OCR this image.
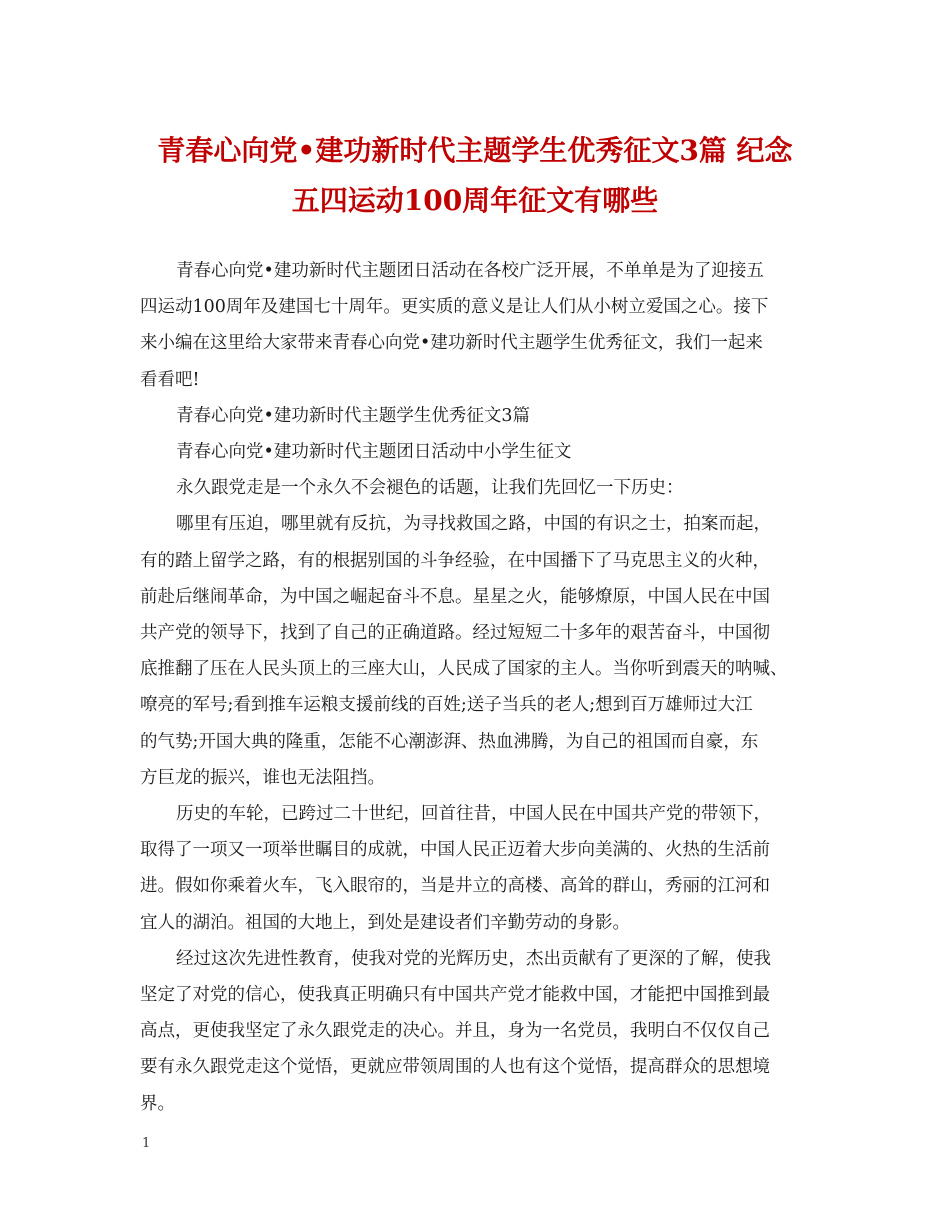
青春心向党•建功新时代主题学生优秀征文3篇 纪念
五四运动100周年征文有哪些

青春心向党•建功新时代主题团日活动在各校广泛开展，不单单是为了迎接五
四运动100周年及建国七十周年。更实质的意义是让人们从小树立爱国之心。接下
来小编在这里给大家带来青春心向党•建功新时代主题学生优秀征文，我们一起来
看看吧!

青春心向党•建功新时代主题学生优秀征文3篇

青春心向党•建功新时代主题团日活动中小学生征文

永久跟党走是一个永久不会褪色的话题，让我们先回忆一下历史：

哪里有压迫，哪里就有反抗，为寻找救国之路，中国的有识之士，拍案而起，
有的踏上留学之路，有的根据别国的斗争经验，在中国播下了马克思主义的火种，
前赴后继闹革命，为中国之崛起奋斗不息。星星之火，能够燎原，中国人民在中国
共产党的领导下，找到了自己的正确道路。经过短短二十多年的艰苦奋斗，中国彻
底推翻了压在人民头顶上的三座大山，人民成了国家的主人。当你听到震天的呐喊、
嘹亮的军号;看到推车运粮支援前线的百姓;送子当兵的老人;想到百万雄师过大江
的气势;开国大典的隆重，怎能不心潮澎湃、热血沸腾，为自己的祖国而自豪，东
方巨龙的振兴，谁也无法阻挡。

历史的车轮，已跨过二十世纪，回首往昔，中国人民在中国共产党的带领下，
取得了一项又一项举世瞩目的成就，中国人民正迈着大步向美满的、火热的生活前
进。假如你乘着火车，飞入眼帘的，当是井立的高楼、高耸的群山，秀丽的江河和
宜人的湖泊。祖国的大地上，到处是建设者们辛勤劳动的身影。

经过这次先进性教育，使我对党的光辉历史，杰出贡献有了更深的了解，使我
坚定了对党的信心，使我真正明确只有中国共产党才能救中国，才能把中国推到最
高点，更使我坚定了永久跟党走的决心。并且，身为一名党员，我明白不仅仅自己
要有永久跟党走这个觉悟，更就应带领周围的人也有这个觉悟，提高群众的思想境
界。

1
